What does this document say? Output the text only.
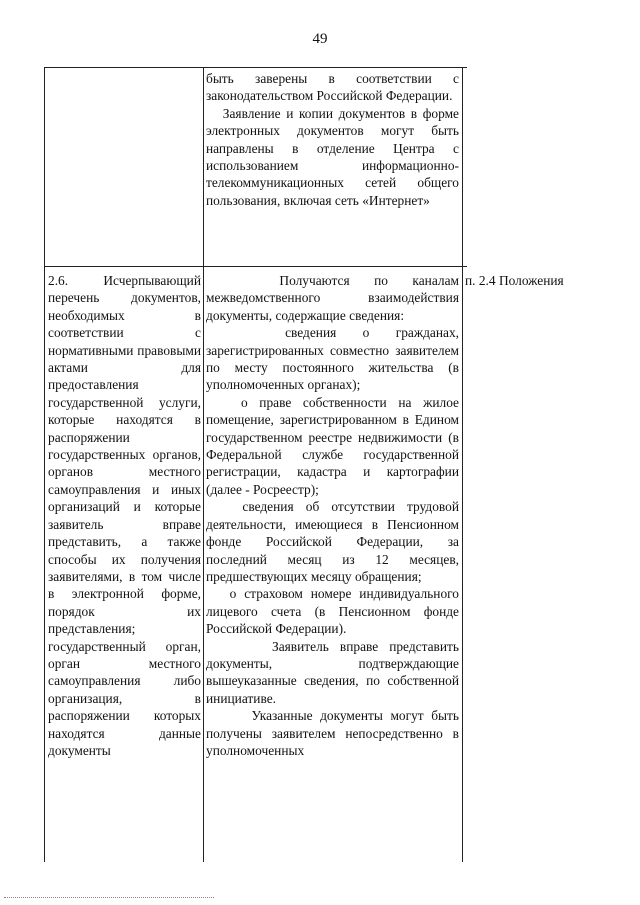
49

быть заверены в соответствии с законодательством Российской Федерации.

Заявление и копии документов в форме электронных документов могут быть направлены в отделение Центра с использованием информационно-телекоммуникационных сетей общего пользования, включая сеть «Интернет»

2.6. Исчерпывающий перечень документов, необходимых в соответствии с нормативными правовыми актами для предоставления государственной услуги, которые находятся в распоряжении государственных органов, органов местного самоуправления и иных организаций и которые заявитель вправе представить, а также способы их получения заявителями, в том числе в электронной форме, порядок их представления; государственный орган, орган местного самоуправления либо организация, в распоряжении которых находятся данные документы

Получаются по каналам межведомственного взаимодействия документы, содержащие сведения:

сведения о гражданах, зарегистрированных совместно заявителем по месту постоянного жительства (в уполномоченных органах);

о праве собственности на жилое помещение, зарегистрированном в Едином государственном реестре недвижимости (в Федеральной службе государственной регистрации, кадастра и картографии (далее - Росреестр);

сведения об отсутствии трудовой деятельности, имеющиеся в Пенсионном фонде Российской Федерации, за последний месяц из 12 месяцев, предшествующих месяцу обращения;

о страховом номере индивидуального лицевого счета (в Пенсионном фонде Российской Федерации).

Заявитель вправе представить документы, подтверждающие вышеуказанные сведения, по собственной инициативе.

Указанные документы могут быть получены заявителем непосредственно в уполномоченных

п. 2.4 Положения
